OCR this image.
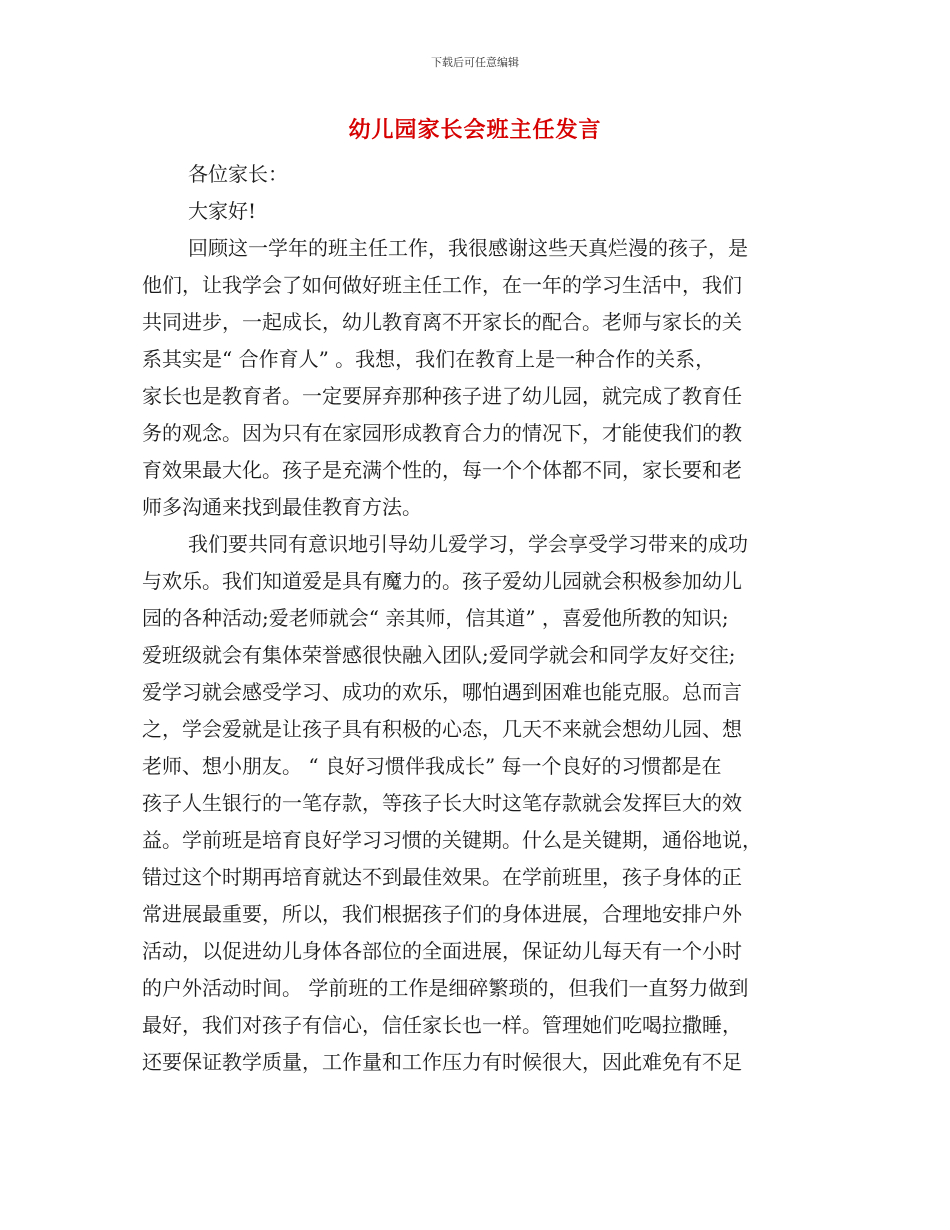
下载后可任意编辑
幼儿园家长会班主任发言
各位家长：
大家好!
回顾这一学年的班主任工作，我很感谢这些天真烂漫的孩子，是
他们，让我学会了如何做好班主任工作，在一年的学习生活中，我们
共同进步，一起成长，幼儿教育离不开家长的配合。老师与家长的关
系其实是“ 合作育人” 。我想，我们在教育上是一种合作的关系，
家长也是教育者。一定要屏弃那种孩子进了幼儿园，就完成了教育任
务的观念。因为只有在家园形成教育合力的情况下，才能使我们的教
育效果最大化。孩子是充满个性的，每一个个体都不同，家长要和老
师多沟通来找到最佳教育方法。
我们要共同有意识地引导幼儿爱学习，学会享受学习带来的成功
与欢乐。我们知道爱是具有魔力的。孩子爱幼儿园就会积极参加幼儿
园的各种活动;爱老师就会“ 亲其师，信其道” ，喜爱他所教的知识;
爱班级就会有集体荣誉感很快融入团队;爱同学就会和同学友好交往;
爱学习就会感受学习、成功的欢乐，哪怕遇到困难也能克服。总而言
之，学会爱就是让孩子具有积极的心态，几天不来就会想幼儿园、想
老师、想小朋友。 “ 良好习惯伴我成长” 每一个良好的习惯都是在
孩子人生银行的一笔存款，等孩子长大时这笔存款就会发挥巨大的效
益。学前班是培育良好学习习惯的关键期。什么是关键期，通俗地说，
错过这个时期再培育就达不到最佳效果。在学前班里，孩子身体的正
常进展最重要，所以，我们根据孩子们的身体进展，合理地安排户外
活动，以促进幼儿身体各部位的全面进展，保证幼儿每天有一个小时
的户外活动时间。 学前班的工作是细碎繁琐的，但我们一直努力做到
最好，我们对孩子有信心，信任家长也一样。管理她们吃喝拉撒睡，
还要保证教学质量，工作量和工作压力有时候很大，因此难免有不足
